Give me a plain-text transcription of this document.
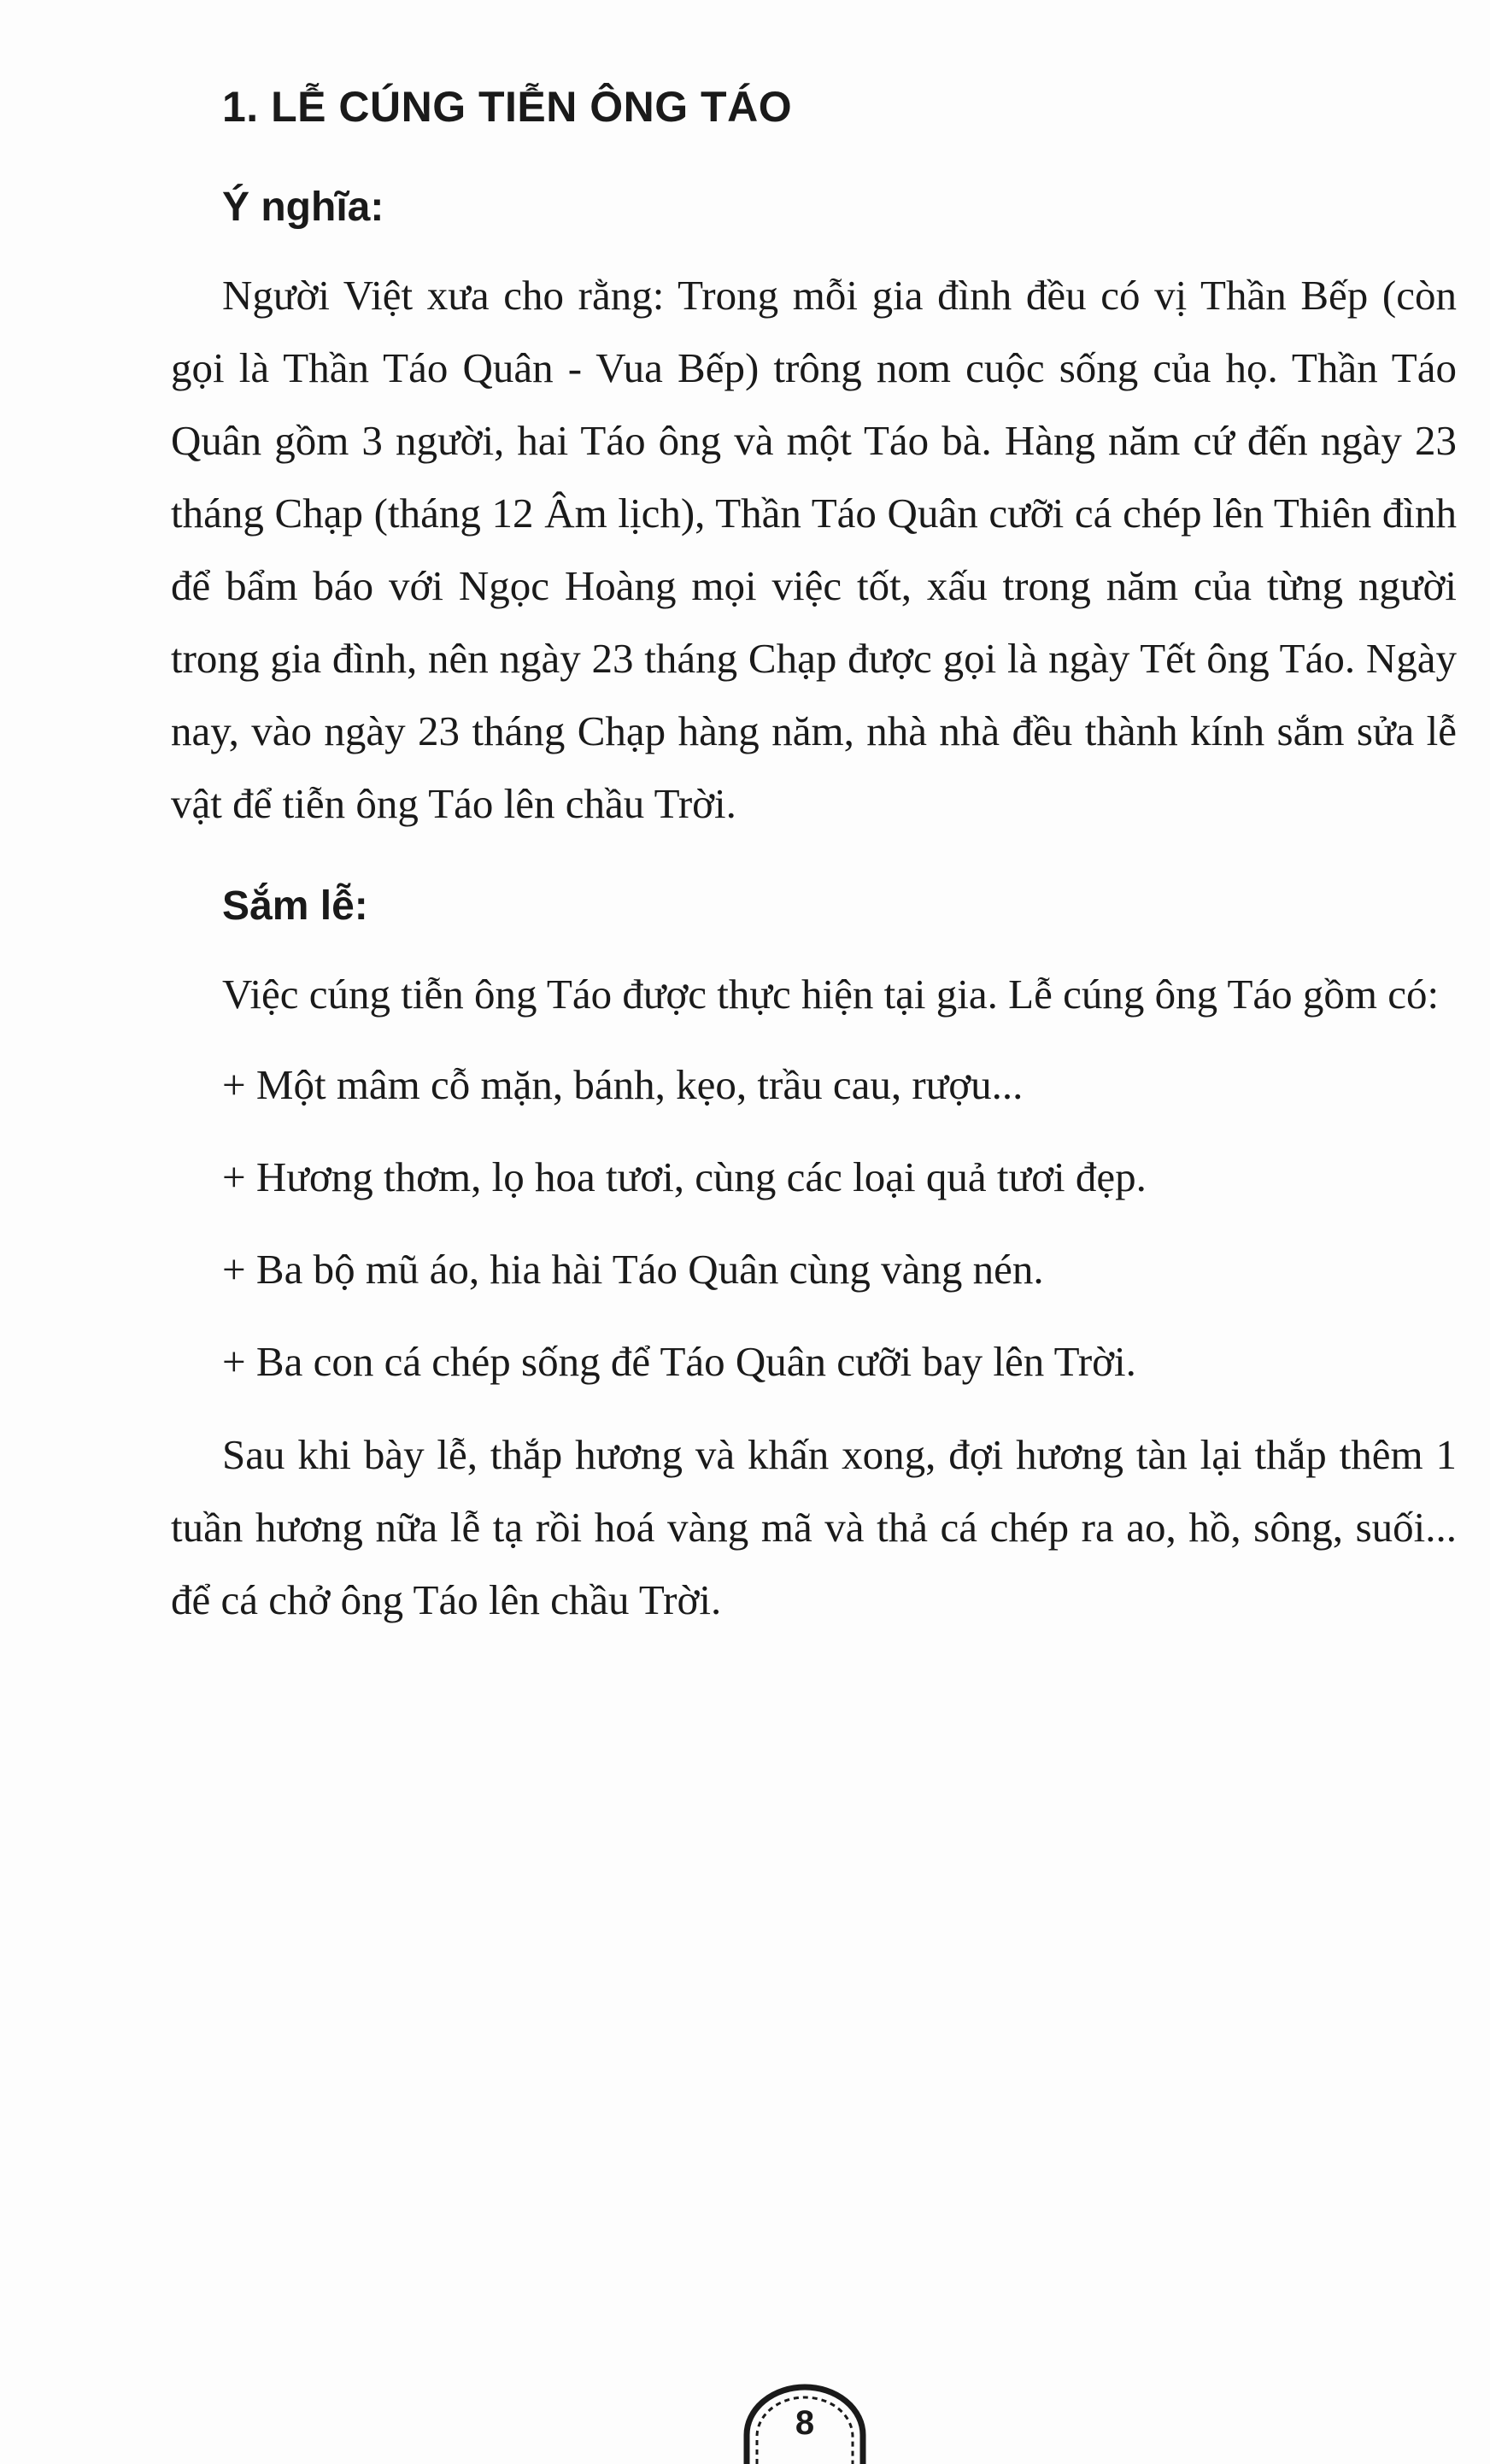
1. LỄ CÚNG TIỄN ÔNG TÁO
Ý nghĩa:

Người Việt xưa cho rằng: Trong mỗi gia đình đều có vị Thần Bếp (còn gọi là Thần Táo Quân - Vua Bếp) trông nom cuộc sống của họ. Thần Táo Quân gồm 3 người, hai Táo ông và một Táo bà. Hàng năm cứ đến ngày 23 tháng Chạp (tháng 12 Âm lịch), Thần Táo Quân cưỡi cá chép lên Thiên đình để bẩm báo với Ngọc Hoàng mọi việc tốt, xấu trong năm của từng người trong gia đình, nên ngày 23 tháng Chạp được gọi là ngày Tết ông Táo. Ngày nay, vào ngày 23 tháng Chạp hàng năm, nhà nhà đều thành kính sắm sửa lễ vật để tiễn ông Táo lên chầu Trời.

Sắm lễ:

Việc cúng tiễn ông Táo được thực hiện tại gia. Lễ cúng ông Táo gồm có:

+ Một mâm cỗ mặn, bánh, kẹo, trầu cau, rượu...
+ Hương thơm, lọ hoa tươi, cùng các loại quả tươi đẹp.
+ Ba bộ mũ áo, hia hài Táo Quân cùng vàng nén.
+ Ba con cá chép sống để Táo Quân cưỡi bay lên Trời.

Sau khi bày lễ, thắp hương và khấn xong, đợi hương tàn lại thắp thêm 1 tuần hương nữa lễ tạ rồi hoá vàng mã và thả cá chép ra ao, hồ, sông, suối... để cá chở ông Táo lên chầu Trời.

8
